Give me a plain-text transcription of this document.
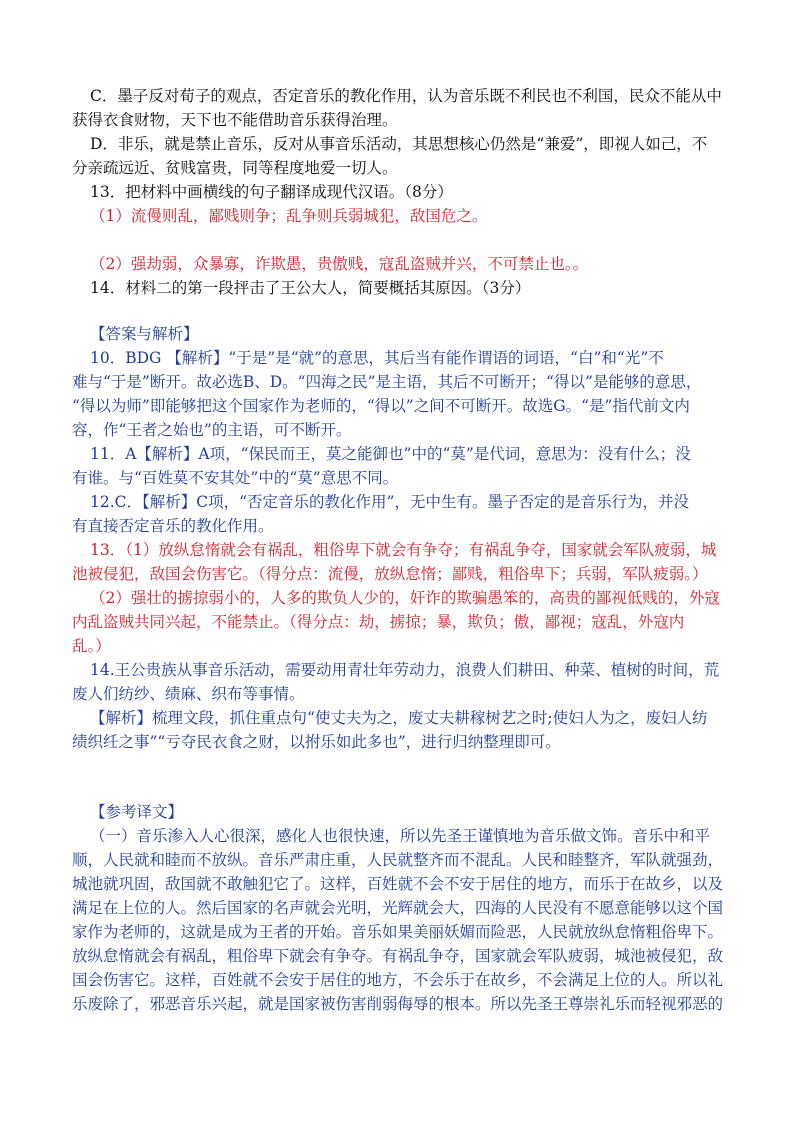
C．墨子反对荀子的观点，否定音乐的教化作用，认为音乐既不利民也不利国，民众不能从中
获得衣食财物，天下也不能借助音乐获得治理。
D．非乐，就是禁止音乐，反对从事音乐活动，其思想核心仍然是“兼爱”，即视人如己，不
分亲疏远近、贫贱富贵，同等程度地爱一切人。
13．把材料中画横线的句子翻译成现代汉语。（8分）
（1）流僈则乱，鄙贱则争；乱争则兵弱城犯，敌国危之。
（2）强劫弱，众暴寡，诈欺愚，贵傲贱，寇乱盗贼并兴，不可禁止也。。
14．材料二的第一段抨击了王公大人，简要概括其原因。（3分）
【答案与解析】
10．BDG 【解析】“于是”是“就”的意思，其后当有能作谓语的词语，“白”和“光”不
难与“于是”断开。故必选B、D。“四海之民”是主语，其后不可断开；“得以”是能够的意思，
“得以为师”即能够把这个国家作为老师的，“得以”之间不可断开。故选G。“是”指代前文内
容，作“王者之始也”的主语，可不断开。
11．A【解析】A项，“保民而王，莫之能御也”中的“莫”是代词，意思为：没有什么；没
有谁。与“百姓莫不安其处”中的“莫”意思不同。
12.C．【解析】C项，“否定音乐的教化作用”，无中生有。墨子否定的是音乐行为，并没
有直接否定音乐的教化作用。
13．（1）放纵怠惰就会有祸乱，粗俗卑下就会有争夺；有祸乱争夺，国家就会军队疲弱，城
池被侵犯，敌国会伤害它。（得分点：流僈，放纵怠惰；鄙贱，粗俗卑下；兵弱，军队疲弱。）
（2）强壮的掳掠弱小的，人多的欺负人少的，奸诈的欺骗愚笨的，高贵的鄙视低贱的，外寇
内乱盗贼共同兴起，不能禁止。（得分点：劫，掳掠；暴，欺负；傲，鄙视；寇乱，外寇内
乱。）
14.王公贵族从事音乐活动，需要动用青壮年劳动力，浪费人们耕田、种菜、植树的时间，荒
废人们纺纱、绩麻、织布等事情。
【解析】梳理文段，抓住重点句“使丈夫为之，废丈夫耕稼树艺之时;使妇人为之，废妇人纺
绩织纴之事”“亏夺民衣食之财，以拊乐如此多也”，进行归纳整理即可。
【参考译文】
（一）音乐渗入人心很深，感化人也很快速，所以先圣王谨慎地为音乐做文饰。音乐中和平
顺，人民就和睦而不放纵。音乐严肃庄重，人民就整齐而不混乱。人民和睦整齐，军队就强劲，
城池就巩固，敌国就不敢触犯它了。这样，百姓就不会不安于居住的地方，而乐于在故乡，以及
满足在上位的人。然后国家的名声就会光明，光辉就会大，四海的人民没有不愿意能够以这个国
家作为老师的，这就是成为王者的开始。音乐如果美丽妖媚而险恶，人民就放纵怠惰粗俗卑下。
放纵怠惰就会有祸乱，粗俗卑下就会有争夺。有祸乱争夺，国家就会军队疲弱，城池被侵犯，敌
国会伤害它。这样，百姓就不会安于居住的地方，不会乐于在故乡，不会满足上位的人。所以礼
乐废除了，邪恶音乐兴起，就是国家被伤害削弱侮辱的根本。所以先圣王尊崇礼乐而轻视邪恶的
